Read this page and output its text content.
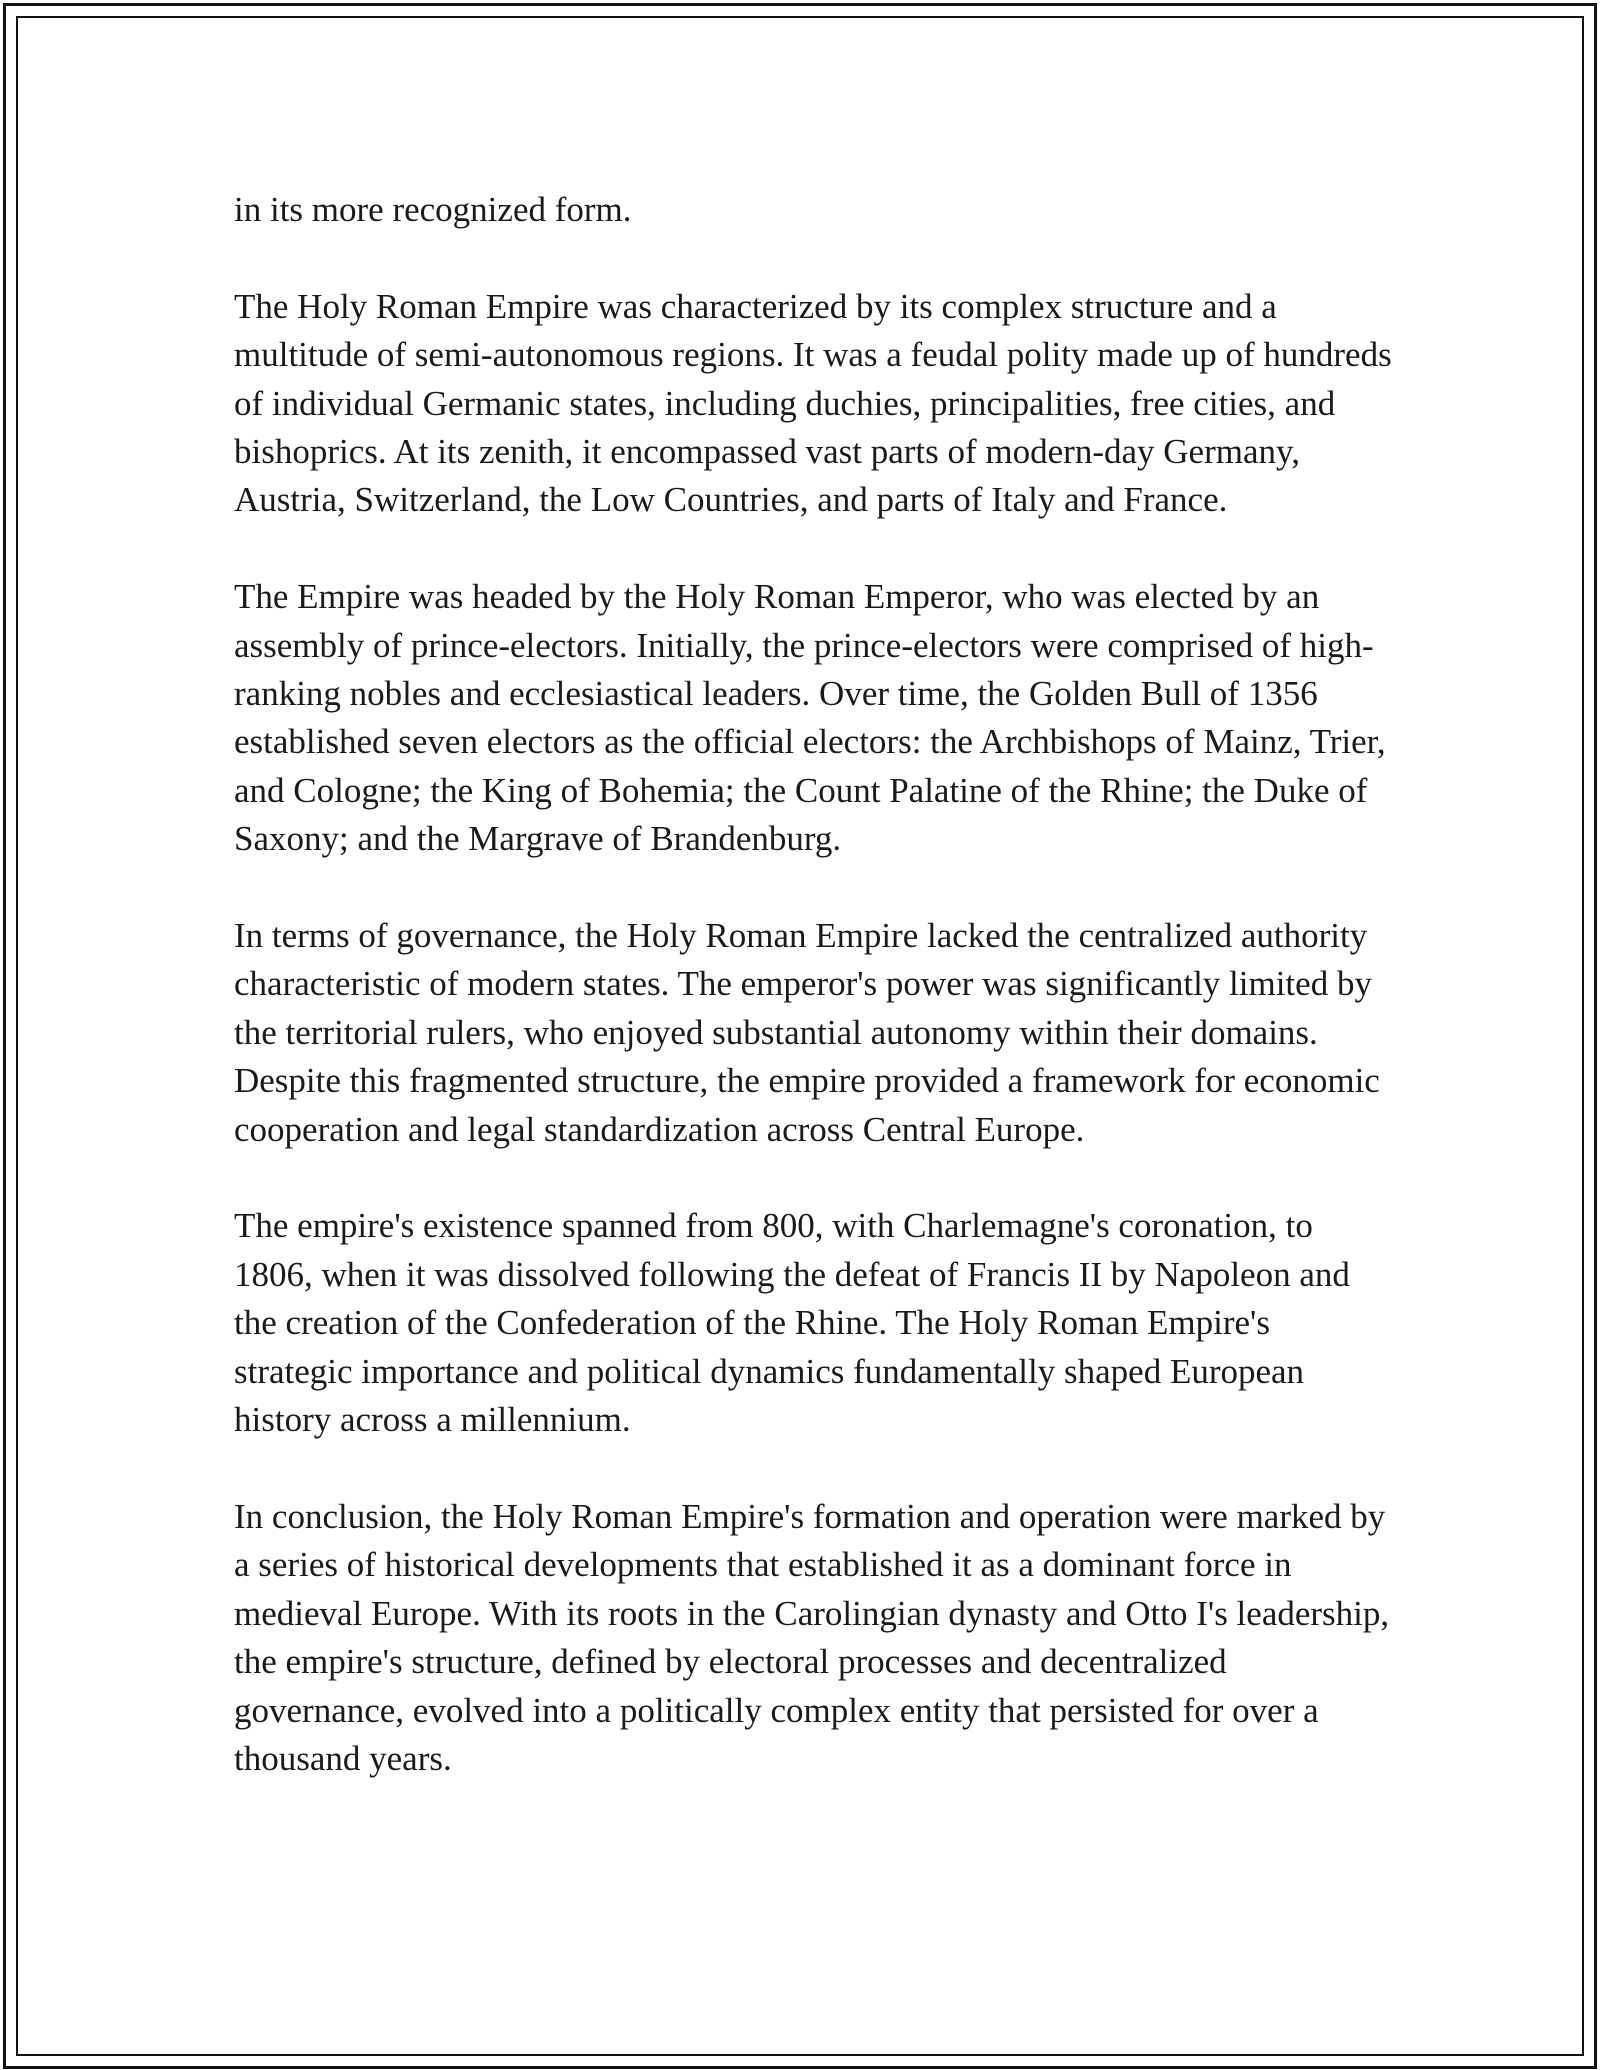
in its more recognized form.

The Holy Roman Empire was characterized by its complex structure and a multitude of semi-autonomous regions. It was a feudal polity made up of hundreds of individual Germanic states, including duchies, principalities, free cities, and bishoprics. At its zenith, it encompassed vast parts of modern-day Germany, Austria, Switzerland, the Low Countries, and parts of Italy and France.

The Empire was headed by the Holy Roman Emperor, who was elected by an assembly of prince-electors. Initially, the prince-electors were comprised of high-ranking nobles and ecclesiastical leaders. Over time, the Golden Bull of 1356 established seven electors as the official electors: the Archbishops of Mainz, Trier, and Cologne; the King of Bohemia; the Count Palatine of the Rhine; the Duke of Saxony; and the Margrave of Brandenburg.

In terms of governance, the Holy Roman Empire lacked the centralized authority characteristic of modern states. The emperor's power was significantly limited by the territorial rulers, who enjoyed substantial autonomy within their domains. Despite this fragmented structure, the empire provided a framework for economic cooperation and legal standardization across Central Europe.

The empire's existence spanned from 800, with Charlemagne's coronation, to 1806, when it was dissolved following the defeat of Francis II by Napoleon and the creation of the Confederation of the Rhine. The Holy Roman Empire's strategic importance and political dynamics fundamentally shaped European history across a millennium.

In conclusion, the Holy Roman Empire's formation and operation were marked by a series of historical developments that established it as a dominant force in medieval Europe. With its roots in the Carolingian dynasty and Otto I's leadership, the empire's structure, defined by electoral processes and decentralized governance, evolved into a politically complex entity that persisted for over a thousand years.
